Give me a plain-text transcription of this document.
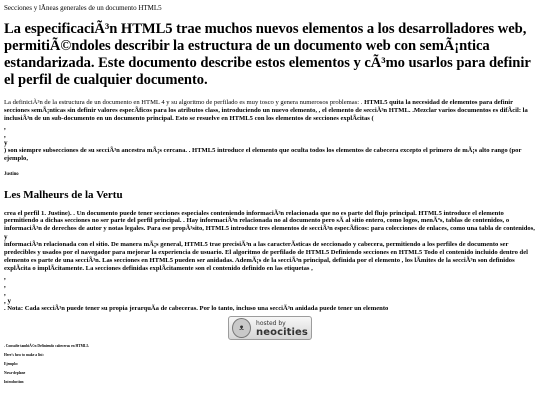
Secciones y lÃneas generales de un documento HTML5
La especificaciÃ³n HTML5 trae muchos nuevos elementos a los desarrolladores web, permitiÃ©ndoles describir la estructura de un documento web con semÃ¡ntica estandarizada. Este documento describe estos elementos y cÃ³mo usarlos para definir el perfil de cualquier documento.

La definiciÃ³n de la estructura de un documento en HTML 4 y su algoritmo de perfilado es muy tosco y genera numerosos problemas: . HTML5 quita la necesidad de elementos para definir secciones semÃ¡nticas sin definir valores especÃficos para los atributos class, introduciendo un nuevo elemento, , el elemento de secciÃ³n HTML. .Mezclar varios documentos es difÃcil: la inclusiÃ³n de un sub-documento en un documento principal. Esto se resuelve en HTML5 con los elementos de secciones explÃcitas (

,
,
y

) son siempre subsecciones de su secciÃ³n ancestra mÃ¡s cercana. . HTML5 introduce el elemento que oculta todos los elementos de cabecera excepto el primero de mÃ¡s alto rango (por ejemplo,

Justino

Les Malheurs de la Vertu

crea el perfil 1. Justine). . Un documento puede tener secciones especiales conteniendo informaciÃ³n relacionada que no es parte del flujo principal. HTML5 introduce el elemento permitiendo a dichas secciones no ser parte del perfil principal. . Hay informaciÃ³n relacionada no al documento pero sÃ al sitio entero, como logos, menÃºs, tablas de contenidos, o informaciÃ³n de derechos de autor y notas legales. Para ese propÃ³sito, HTML5 introduce tres elementos de secciÃ³n especÃficos: para colecciones de enlaces, como una tabla de contenidos,

y

informaciÃ³n relacionada con el sitio. De manera mÃ¡s general, HTML5 trae precisiÃ³n a las caracterÃsticas de seccionado y cabecera, permitiendo a los perfiles de documento ser predecibles y usados por el navegador para mejorar la experiencia de usuario. El algoritmo de perfilado de HTML5 Definiendo secciones en HTML5 Todo el contenido incluido dentro del elemento es parte de una secciÃ³n. Las secciones en HTML5 pueden ser anidadas. AdemÃ¡s de la secciÃ³n principal, definida por el elemento , los lÃmites de la secciÃ³n son definidos explÃcita o implÃcitamente. La secciones definidas explÃcitamente son el contenido definido en las etiquetas ,

,
,
,
, y

. Nota: Cada secciÃ³n puede tener su propia jerarquÃa de cabeceras. Por lo tanto, incluso una secciÃ³n anidada puede tener un elemento

ᴥ	hosted by
neocities
. Consulte tambiÃ©n Definiendo cabeceras en HTML5.
Here's how to make a list:
Ejemplo:
Nova-deplane
Introduction
